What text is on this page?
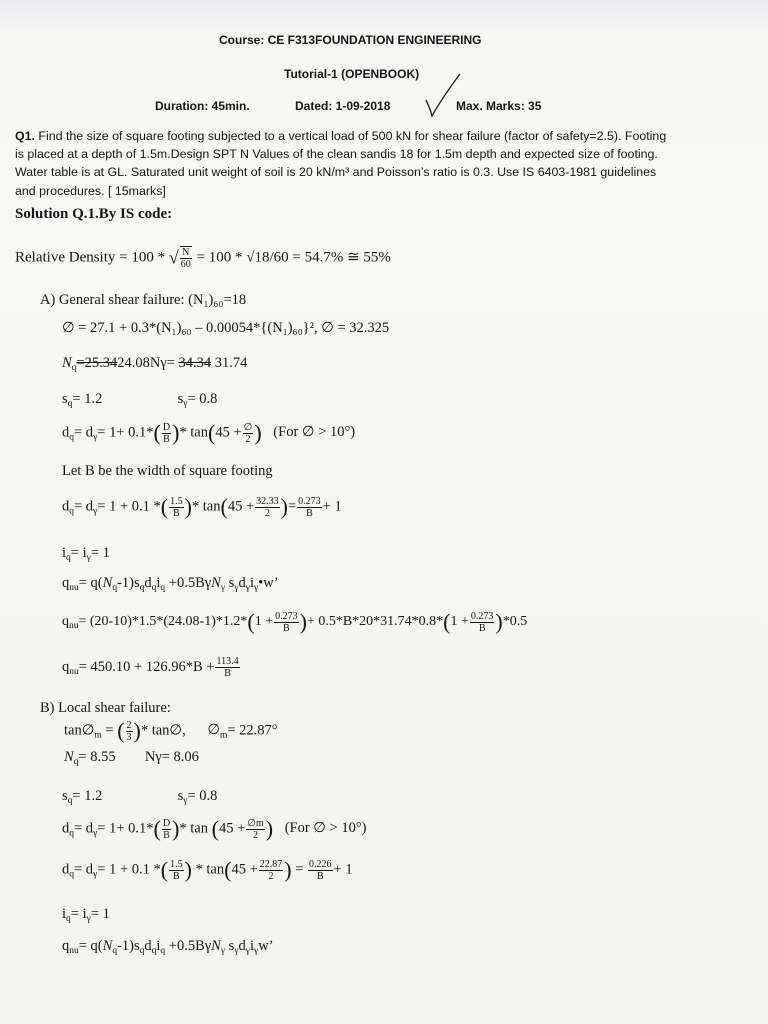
Course: CE F313FOUNDATION ENGINEERING
Tutorial-1 (OPENBOOK)
Duration: 45min.	Dated: 1-09-2018	Max. Marks: 35
Q1. Find the size of square footing subjected to a vertical load of 500 kN for shear failure (factor of safety=2.5). Footing is placed at a depth of 1.5m.Design SPT N Values of the clean sandis 18 for 1.5m depth and expected size of footing. Water table is at GL. Saturated unit weight of soil is 20 kN/m³ and Poisson’s ratio is 0.3. Use IS 6403-1981 guidelines and procedures. [ 15marks]
Solution Q.1.By IS code:
Relative Density = 100 * √ $\frac{N}{60} = 100 * √18/60 = 54.7\%$ ≅ 55%
A) General shear failure: (N₁)₆₀=18
∅ = 27.1 + 0.3*(N₁)₆₀ – 0.00054*{(N₁)₆₀}², ∅ = 32.325
$N_q=25.3424.08N\gamma= 34.34$ 31.74
$s_q= 1.2$	$s_\gamma= 0.8$
$d_q= d_\gamma= 1+ 0.1*( \frac{D}{B}$ )* $\tan(45 + \frac{\emptyset}{2}$ ) (For ∅ > 10°)
Let B be the width of square footing
$d_q= d_\gamma= 1 + 0.1$ *( $\frac{1.5}{B}$ )* $\tan(45 + \frac{32.33}{2}$ )= $\frac{0.273}{B} + 1$
$i_q= i_\gamma= 1$
$q_{nu}= q(N_q-1)s_qd_qi_q +0.5B\gamma N_\gamma$ $s_\gamma d_\gamma i_\gamma•w$’
$q_{nu}= (20-10)*1.5*(24.08-1)*1.2*(1 + \frac{0.273}{B}$ )+ $0.5*B*20*31.74*0.8*(1 + \frac{0.273}{B} )*0.5$
$q_{nu}= 450.10 + 126.96*B + \frac{113.4}{B}$
B) Local shear failure:
$\tan\emptyset_m$ = ( $\frac{2}{3}$ )* tan∅, $\emptyset_m= 22.87^\circ$
$N_q= 8.55$ Nγ= 8.06
$s_q= 1.2$	$s_\gamma= 0.8$
$d_q= d_\gamma= 1+ 0.1*( \frac{D}{B}$ )* $\tan (45 + \frac{\emptyset m}{2}$ ) (For ∅ > 10°)
$d_q= d_\gamma= 1 + 0.1$ *( $\frac{1.5}{B}$ ) * $\tan(45 + \frac{22.87}{2}$ ) = $\frac{0.226}{B} + 1$
$i_q= i_\gamma= 1$
$q_{nu}= q(N_q-1)s_qd_qi_q +0.5B\gamma N_\gamma$ $s_\gamma d_\gamma i_\gamma w$’
